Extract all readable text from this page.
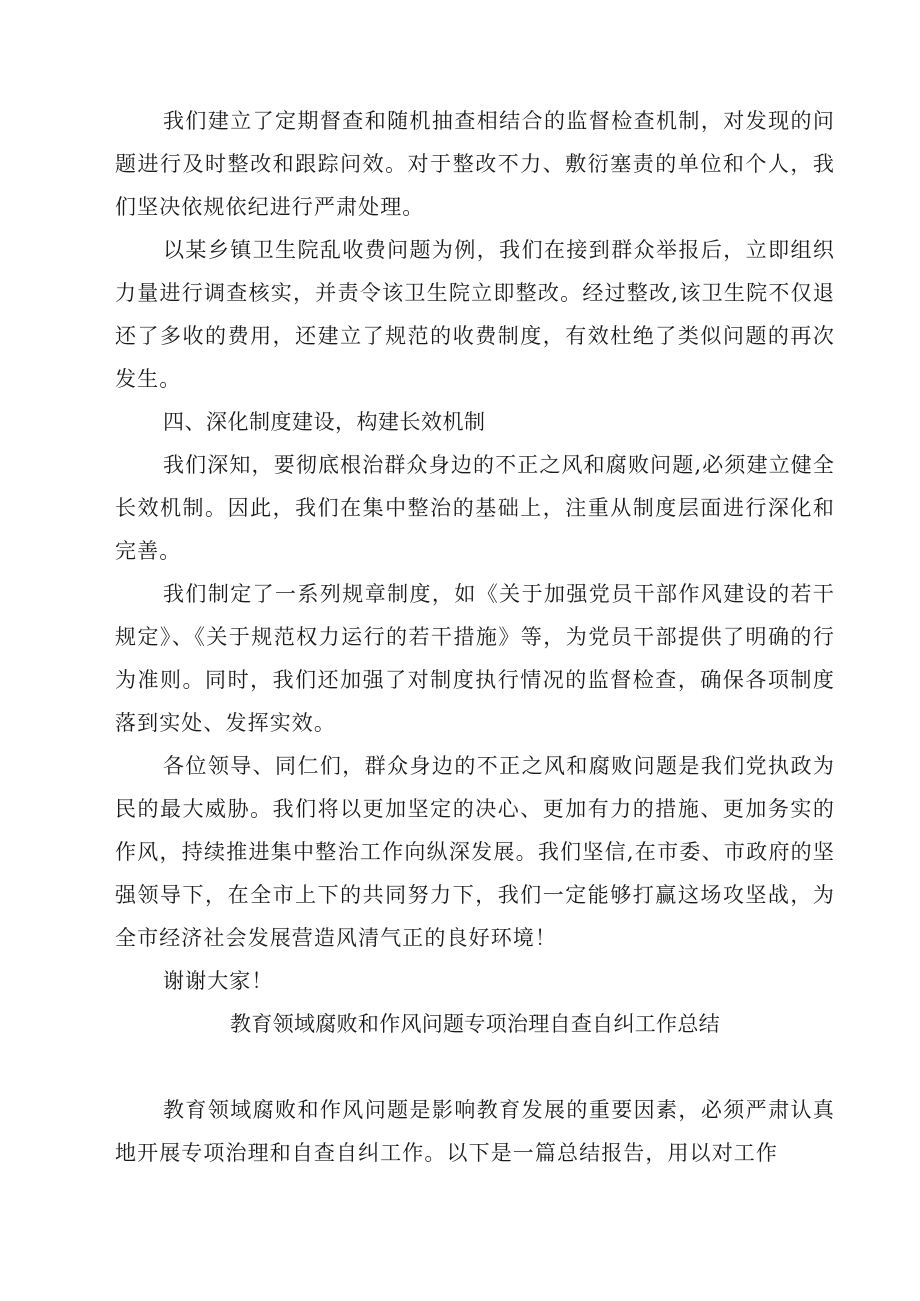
我们建立了定期督查和随机抽查相结合的监督检查机制，对发现的问题进行及时整改和跟踪问效。对于整改不力、敷衍塞责的单位和个人，我们坚决依规依纪进行严肃处理。

以某乡镇卫生院乱收费问题为例，我们在接到群众举报后，立即组织力量进行调查核实，并责令该卫生院立即整改。经过整改,该卫生院不仅退还了多收的费用，还建立了规范的收费制度，有效杜绝了类似问题的再次发生。

四、深化制度建设，构建长效机制

我们深知，要彻底根治群众身边的不正之风和腐败问题,必须建立健全长效机制。因此，我们在集中整治的基础上，注重从制度层面进行深化和完善。

我们制定了一系列规章制度，如《关于加强党员干部作风建设的若干规定》、《关于规范权力运行的若干措施》等，为党员干部提供了明确的行为准则。同时，我们还加强了对制度执行情况的监督检查，确保各项制度落到实处、发挥实效。

各位领导、同仁们，群众身边的不正之风和腐败问题是我们党执政为民的最大威胁。我们将以更加坚定的决心、更加有力的措施、更加务实的作风，持续推进集中整治工作向纵深发展。我们坚信,在市委、市政府的坚强领导下，在全市上下的共同努力下，我们一定能够打赢这场攻坚战，为全市经济社会发展营造风清气正的良好环境！

谢谢大家！

教育领域腐败和作风问题专项治理自查自纠工作总结

教育领域腐败和作风问题是影响教育发展的重要因素，必须严肃认真地开展专项治理和自查自纠工作。以下是一篇总结报告，用以对工作
